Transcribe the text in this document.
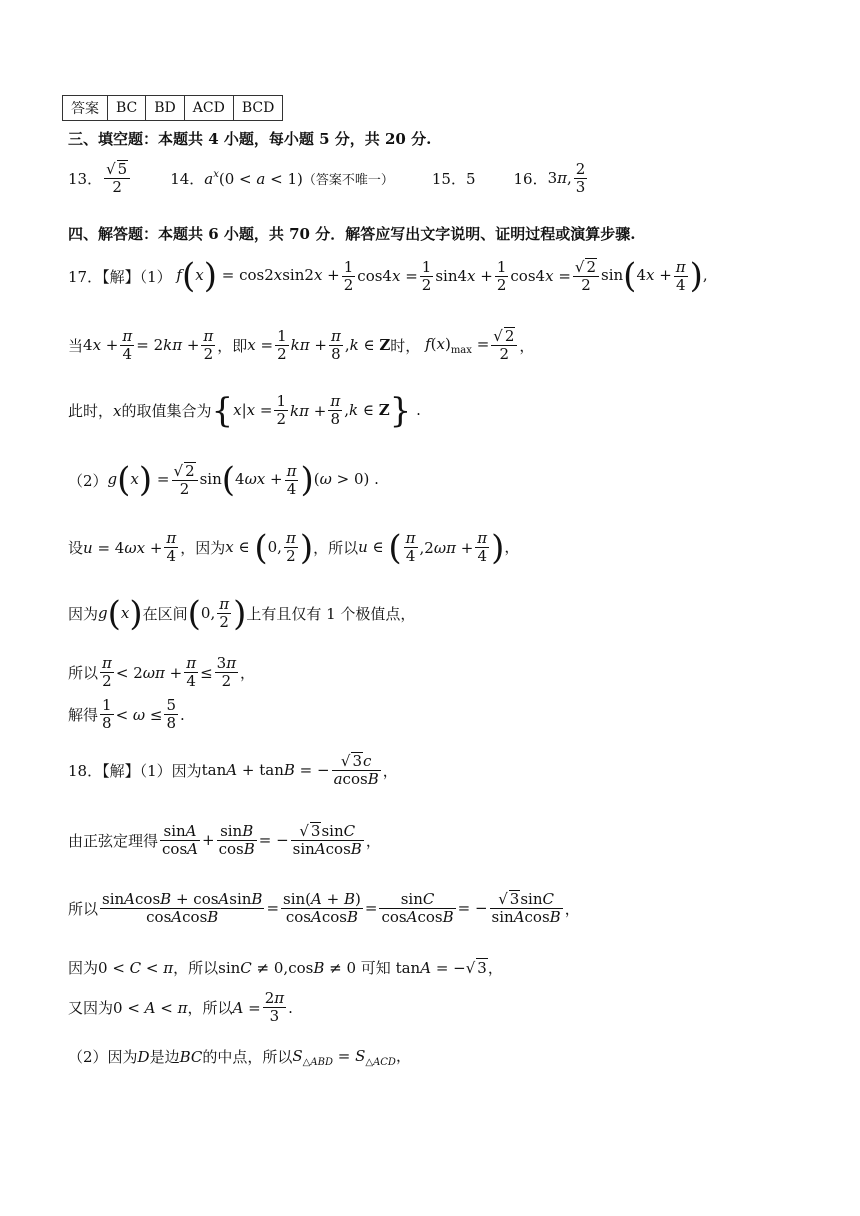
答案	BC	BD	ACD	BCD
三、填空题：本题共 4 小题，每小题 5 分，共 20 分.
13． $\frac{√ 5}{2}$	14． $a^x(0 < a < 1)$ （答案不唯一）	15．5	16． 3π, $\frac{2}{3}$
四、解答题：本题共 6 小题，共 70 分．解答应写出文字说明、证明过程或演算步骤.
17．【解】（1） $f(x) = \cos 2xsin2x + \frac{1}{2} \cos 4x = \frac{1}{2} \sin 4x + \frac{1}{2} \cos 4x = \frac{√ 2}{2} \sin(4x + \frac{\pi}{4}$ ),
当 $4x + \frac{\pi}{4} = 2k\pi + \frac{\pi}{2}$ ，即 $x = \frac{1}{2}$ $k\pi + \frac{\pi}{8} ,k$ ∈ Z 时， $f(x)_{max} = \frac{√ 2}{2}$ ，
此时， x 的取值集合为 {$x|x = \frac{1}{2}$ $k\pi + \frac{\pi}{8} ,k$ ∈ Z} .
（2） $g(x) = \frac{√ 2}{2} \sin(4\omega x + \frac{\pi}{4} )(\omega > 0)$ .
设 $u = 4\omega x + \frac{\pi}{4}$ ，因为 x ∈ (0, $\frac{\pi}{2}$ ) ，所以 u ∈ ( $\frac{\pi}{4} ,2\omega\pi + \frac{\pi}{4}$ )，
因为 g(x) 在区间 (0, $\frac{\pi}{2}$ ) 上有且仅有 1 个极值点，
所以 $\frac{\pi}{2} < 2\omega\pi + \frac{\pi}{4} \le \frac{3\pi}{2}$ ，
解得 $\frac{1}{8} < \omega \le \frac{5}{8}$ .
18．【解】（1）因为 tanA + tanB = − $\frac{√ 3c}{acosB}$ ，
由正弦定理得 $\frac{\sin A}{\cos A} + \frac{\sin B}{\cos B}$ = − $\frac{√ 3\sin C}{\text{sinAcosB}}$ ，
所以 $\frac{\text{sinAcosB + cosAsinB}}{\text{cosAcosB}} = \frac{\sin(A + B)}{\text{cosAcosB}} = \frac{\sin C}{\text{cosAcosB}}$ = − $\frac{√ 3\sin C}{\text{sinAcosB}}$ ，
因为 0 < C < π ，所以 sinC ≠ 0,cosB ≠ 0 可知 tanA = −√ 3，
又因为 0 < A < π ，所以 $A = \frac{2\pi}{3}$ .
（2）因为 D 是边 BC 的中点，所以 $S_{\triangle ABD} = S_{\triangle ACD}$，
